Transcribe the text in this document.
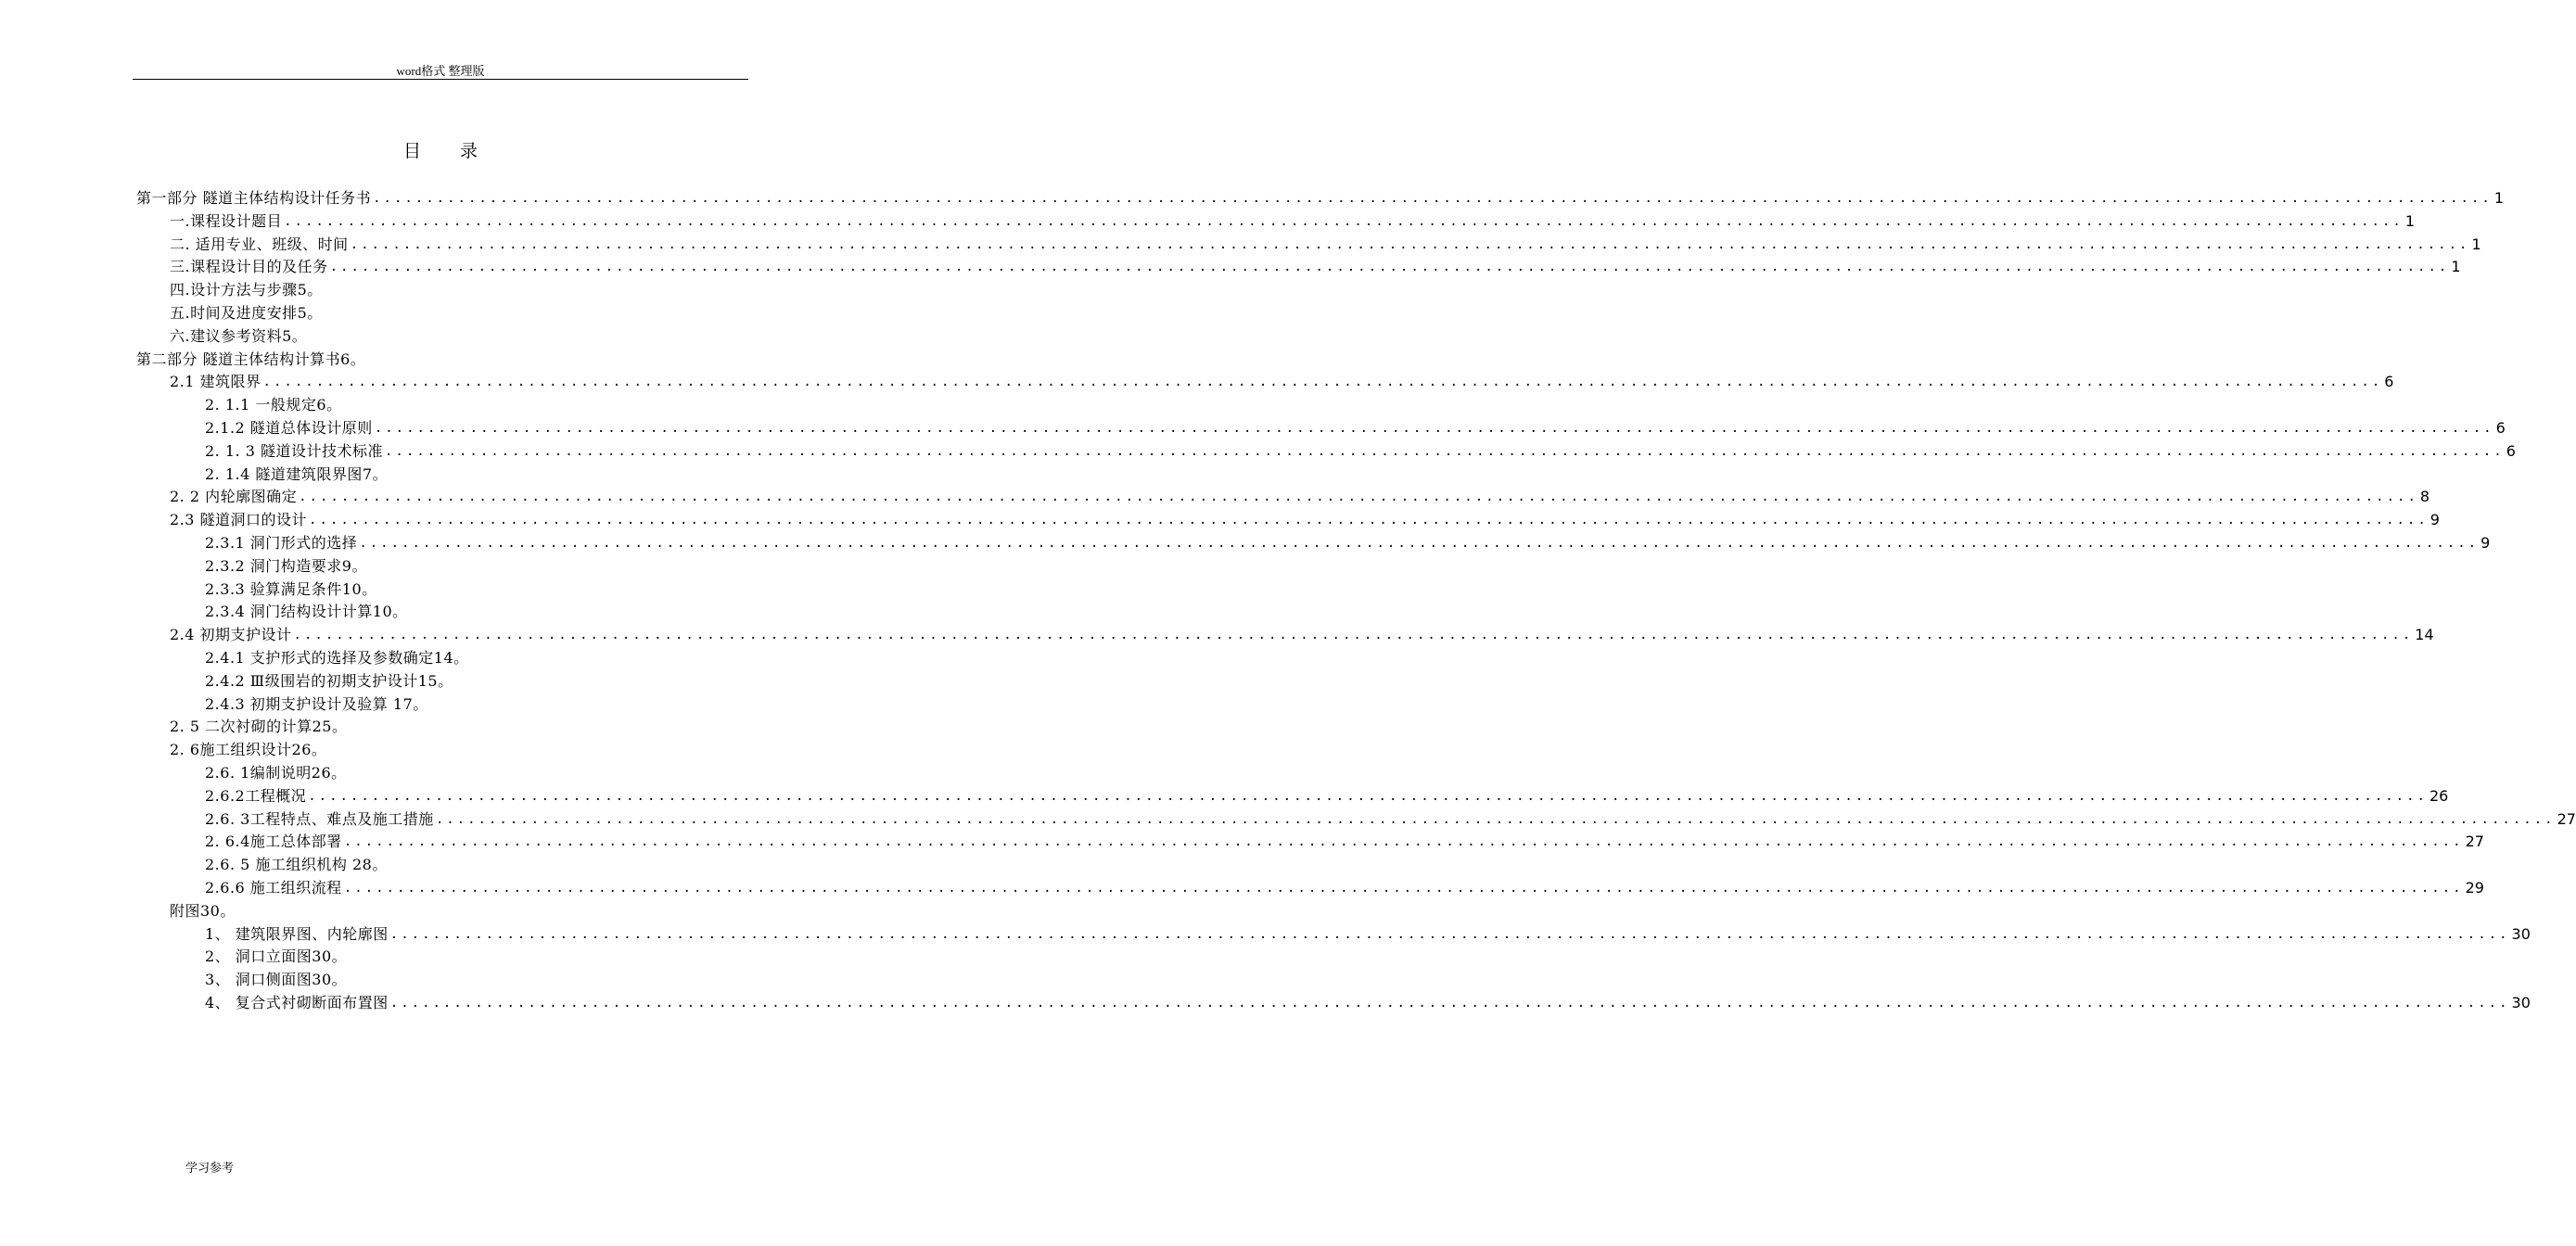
word格式 整理版
目 录
第一部分 隧道主体结构设计任务书 ........................................................................................................................................................................................................ 1
一.课程设计题目 ........................................................................................................................................................................................................ 1
二. 适用专业、班级、时间 ........................................................................................................................................................................................................ 1
三.课程设计目的及任务 ........................................................................................................................................................................................................ 1
四.设计方法与步骤5。
五.时间及进度安排5。
六.建议参考资料5。
第二部分 隧道主体结构计算书6。
2.1 建筑限界 ........................................................................................................................................................................................................ 6
2. 1.1 一般规定6。
2.1.2 隧道总体设计原则 ........................................................................................................................................................................................................ 6
2. 1. 3 隧道设计技术标准 ........................................................................................................................................................................................................ 6
2. 1.4 隧道建筑限界图7。
2. 2 内轮廓图确定 ........................................................................................................................................................................................................ 8
2.3 隧道洞口的设计 ........................................................................................................................................................................................................ 9
2.3.1 洞门形式的选择 ........................................................................................................................................................................................................ 9
2.3.2 洞门构造要求9。
2.3.3 验算满足条件10。
2.3.4 洞门结构设计计算10。
2.4 初期支护设计 ........................................................................................................................................................................................................ 14
2.4.1 支护形式的选择及参数确定14。
2.4.2 Ⅲ级围岩的初期支护设计15。
2.4.3 初期支护设计及验算 17。
2. 5 二次衬砌的计算25。
2. 6施工组织设计26。
2.6. 1编制说明26。
2.6.2工程概况 ........................................................................................................................................................................................................ 26
2.6. 3工程特点、难点及施工措施 ........................................................................................................................................................................................................ 27
2. 6.4施工总体部署 ........................................................................................................................................................................................................ 27
2.6. 5 施工组织机构 28。
2.6.6 施工组织流程 ........................................................................................................................................................................................................ 29
附图30。
1、 建筑限界图、内轮廓图 ........................................................................................................................................................................................................ 30
2、 洞口立面图30。
3、 洞口侧面图30。
4、 复合式衬砌断面布置图 ........................................................................................................................................................................................................ 30
学习参考
